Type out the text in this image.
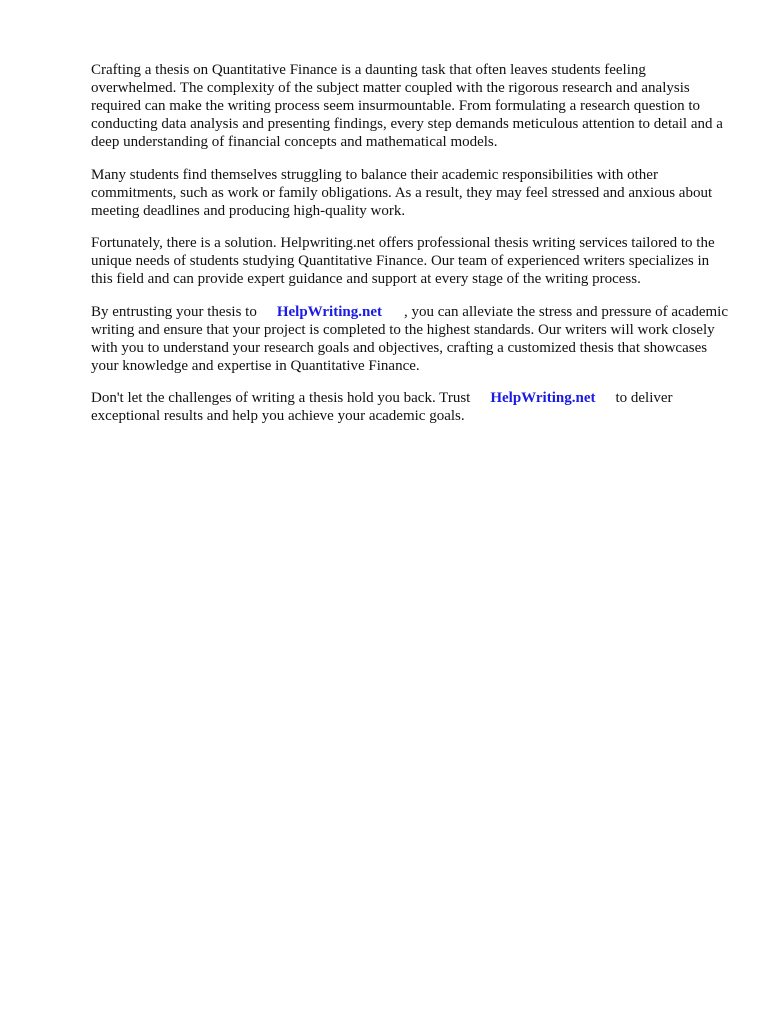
Crafting a thesis on Quantitative Finance is a daunting task that often leaves students feeling overwhelmed. The complexity of the subject matter coupled with the rigorous research and analysis required can make the writing process seem insurmountable. From formulating a research question to conducting data analysis and presenting findings, every step demands meticulous attention to detail and a deep understanding of financial concepts and mathematical models.

Many students find themselves struggling to balance their academic responsibilities with other commitments, such as work or family obligations. As a result, they may feel stressed and anxious about meeting deadlines and producing high-quality work.

Fortunately, there is a solution. Helpwriting.net offers professional thesis writing services tailored to the unique needs of students studying Quantitative Finance. Our team of experienced writers specializes in this field and can provide expert guidance and support at every stage of the writing process.

By entrusting your thesis to HelpWriting.net , you can alleviate the stress and pressure of academic writing and ensure that your project is completed to the highest standards. Our writers will work closely with you to understand your research goals and objectives, crafting a customized thesis that showcases your knowledge and expertise in Quantitative Finance.

Don't let the challenges of writing a thesis hold you back. Trust HelpWriting.net to deliver exceptional results and help you achieve your academic goals.
